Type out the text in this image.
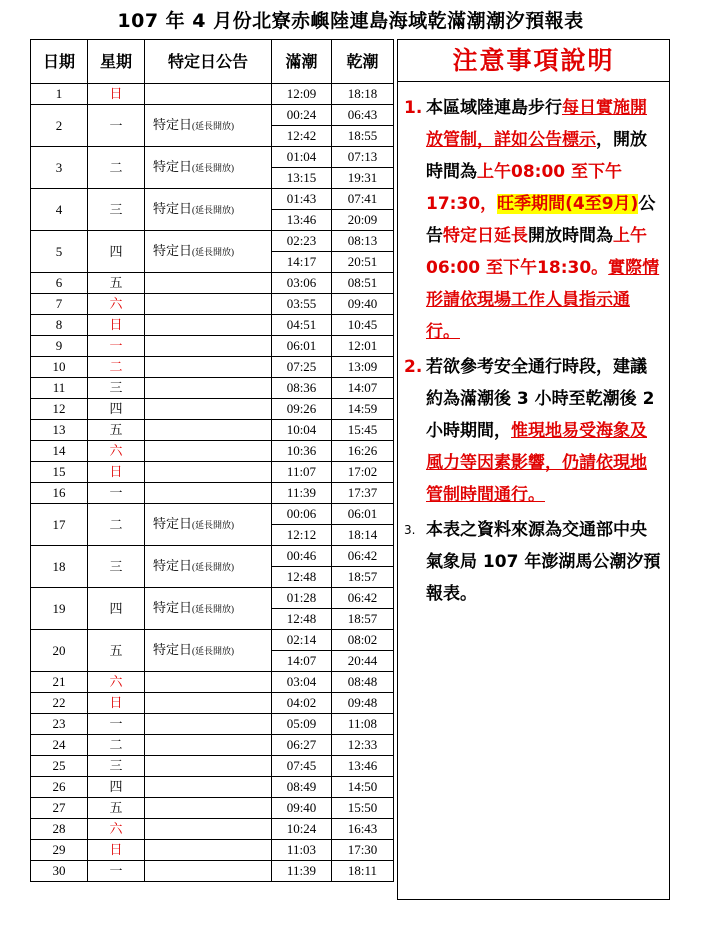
107 年 4 月份北寮赤嶼陸連島海域乾滿潮潮汐預報表
日期	星期	特定日公告	滿潮	乾潮
1	日		12:09	18:18
2	一	特定日(延長開放)	00:24	06:43
			12:42	18:55
3	二	特定日(延長開放)	01:04	07:13
			13:15	19:31
4	三	特定日(延長開放)	01:43	07:41
			13:46	20:09
5	四	特定日(延長開放)	02:23	08:13
			14:17	20:51
6	五		03:06	08:51
7	六		03:55	09:40
8	日		04:51	10:45
9	一		06:01	12:01
10	二		07:25	13:09
11	三		08:36	14:07
12	四		09:26	14:59
13	五		10:04	15:45
14	六		10:36	16:26
15	日		11:07	17:02
16	一		11:39	17:37
17	二	特定日(延長開放)	00:06	06:01
			12:12	18:14
18	三	特定日(延長開放)	00:46	06:42
			12:48	18:57
19	四	特定日(延長開放)	01:28	06:42
			12:48	18:57
20	五	特定日(延長開放)	02:14	08:02
			14:07	20:44
21	六		03:04	08:48
22	日		04:02	09:48
23	一		05:09	11:08
24	二		06:27	12:33
25	三		07:45	13:46
26	四		08:49	14:50
27	五		09:40	15:50
28	六		10:24	16:43
29	日		11:03	17:30
30	一		11:39	18:11
注意事項說明
1. 本區域陸連島步行每日實施開放管制，詳如公告標示，開放時間為上午08:00 至下午 17:30，旺季期間(4至9月)公告特定日延長開放時間為上午 06:00 至下午18:30。實際情形請依現場工作人員指示通行。
2. 若欲參考安全通行時段，建議約為滿潮後 3 小時至乾潮後 2 小時期間，惟現地易受海象及風力等因素影響，仍請依現地管制時間通行。
3. 本表之資料來源為交通部中央氣象局 107 年澎湖馬公潮汐預報表。
